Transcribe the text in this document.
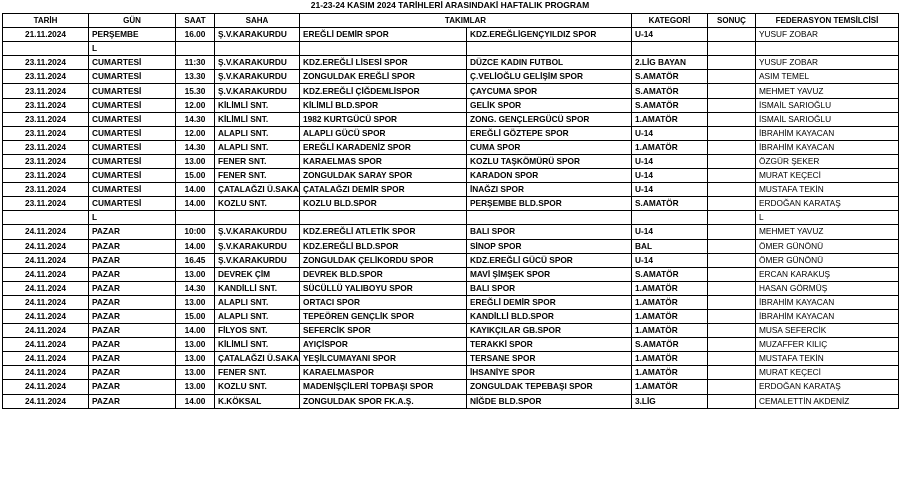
21-23-24 KASIM 2024 TARİHLERİ ARASINDAKİ HAFTALIK PROGRAM
TARİH	GÜN	SAAT	SAHA	TAKIMLAR		KATEGORİ	SONUÇ	FEDERASYON TEMSİLCİSİ
21.11.2024	PERŞEMBE	16.00	Ş.V.KARAKURDU	EREĞLİ DEMİR SPOR	KDZ.EREĞLİGENÇYILDIZ SPOR	U-14		YUSUF ZOBAR
	L							
23.11.2024	CUMARTESİ	11:30	Ş.V.KARAKURDU	KDZ.EREĞLİ LİSESİ SPOR	DÜZCE KADIN FUTBOL	2.LİG BAYAN		YUSUF ZOBAR
23.11.2024	CUMARTESİ	13.30	Ş.V.KARAKURDU	ZONGULDAK EREĞLİ SPOR	Ç.VELİOĞLU GELİŞİM SPOR	S.AMATÖR		ASIM TEMEL
23.11.2024	CUMARTESİ	15.30	Ş.V.KARAKURDU	KDZ.EREĞLİ ÇİĞDEMLİSPOR	ÇAYCUMA SPOR	S.AMATÖR		MEHMET YAVUZ
23.11.2024	CUMARTESİ	12.00	KİLİMLİ SNT.	KİLİMLİ BLD.SPOR	GELİK SPOR	S.AMATÖR		İSMAİL SARIOĞLU
23.11.2024	CUMARTESİ	14.30	KİLİMLİ SNT.	1982 KURTGÜCÜ SPOR	ZONG. GENÇLERGÜCÜ SPOR	1.AMATÖR		İSMAİL SARIOĞLU
23.11.2024	CUMARTESİ	12.00	ALAPLI SNT.	ALAPLI GÜCÜ SPOR	EREĞLİ GÖZTEPE SPOR	U-14		İBRAHİM KAYACAN
23.11.2024	CUMARTESİ	14.30	ALAPLI SNT.	EREĞLİ KARADENİZ SPOR	CUMA SPOR	1.AMATÖR		İBRAHİM KAYACAN
23.11.2024	CUMARTESİ	13.00	FENER SNT.	KARAELMAS SPOR	KOZLU TAŞKÖMÜRÜ SPOR	U-14		ÖZGÜR ŞEKER
23.11.2024	CUMARTESİ	15.00	FENER SNT.	ZONGULDAK SARAY SPOR	KARADON SPOR	U-14		MURAT KEÇECİ
23.11.2024	CUMARTESİ	14.00	ÇATALAĞZI Ü.SAKA	ÇATALAĞZI DEMİR SPOR	İNAĞZI SPOR	U-14		MUSTAFA TEKİN
23.11.2024	CUMARTESİ	14.00	KOZLU SNT.	KOZLU BLD.SPOR	PERŞEMBE BLD.SPOR	S.AMATÖR		ERDOĞAN KARATAŞ
	L							L
24.11.2024	PAZAR	10:00	Ş.V.KARAKURDU	KDZ.EREĞLİ ATLETİK SPOR	BALI SPOR	U-14		MEHMET YAVUZ
24.11.2024	PAZAR	14.00	Ş.V.KARAKURDU	KDZ.EREĞLİ BLD.SPOR	SİNOP SPOR	BAL		ÖMER GÜNÖNÜ
24.11.2024	PAZAR	16.45	Ş.V.KARAKURDU	ZONGULDAK ÇELİKORDU SPOR	KDZ.EREĞLİ GÜCÜ SPOR	U-14		ÖMER GÜNÖNÜ
24.11.2024	PAZAR	13.00	DEVREK ÇİM	DEVREK BLD.SPOR	MAVİ ŞİMŞEK SPOR	S.AMATÖR		ERCAN KARAKUŞ
24.11.2024	PAZAR	14.30	KANDİLLİ SNT.	SÜCÜLLÜ YALIBOYU SPOR	BALI SPOR	1.AMATÖR		HASAN GÖRMÜŞ
24.11.2024	PAZAR	13.00	ALAPLI SNT.	ORTACI SPOR	EREĞLİ DEMİR SPOR	1.AMATÖR		İBRAHİM KAYACAN
24.11.2024	PAZAR	15.00	ALAPLI SNT.	TEPEÖREN GENÇLİK SPOR	KANDİLLİ BLD.SPOR	1.AMATÖR		İBRAHİM KAYACAN
24.11.2024	PAZAR	14.00	FİLYOS SNT.	SEFERCİK SPOR	KAYIKÇILAR GB.SPOR	1.AMATÖR		MUSA SEFERCİK
24.11.2024	PAZAR	13.00	KİLİMLİ SNT.	AYIÇİSPOR	TERAKKİ SPOR	S.AMATÖR		MUZAFFER KILIÇ
24.11.2024	PAZAR	13.00	ÇATALAĞZI Ü.SAKA	YEŞİLCUMAYANI SPOR	TERSANE SPOR	1.AMATÖR		MUSTAFA TEKİN
24.11.2024	PAZAR	13.00	FENER SNT.	KARAELMASPOR	İHSANİYE SPOR	1.AMATÖR		MURAT KEÇECİ
24.11.2024	PAZAR	13.00	KOZLU SNT.	MADENİŞÇİLERİ TOPBAŞI SPOR	ZONGULDAK TEPEBAŞI SPOR	1.AMATÖR		ERDOĞAN KARATAŞ
24.11.2024	PAZAR	14.00	K.KÖKSAL	ZONGULDAK SPOR FK.A.Ş.	NİĞDE BLD.SPOR	3.LİG		CEMALETTİN AKDENİZ
